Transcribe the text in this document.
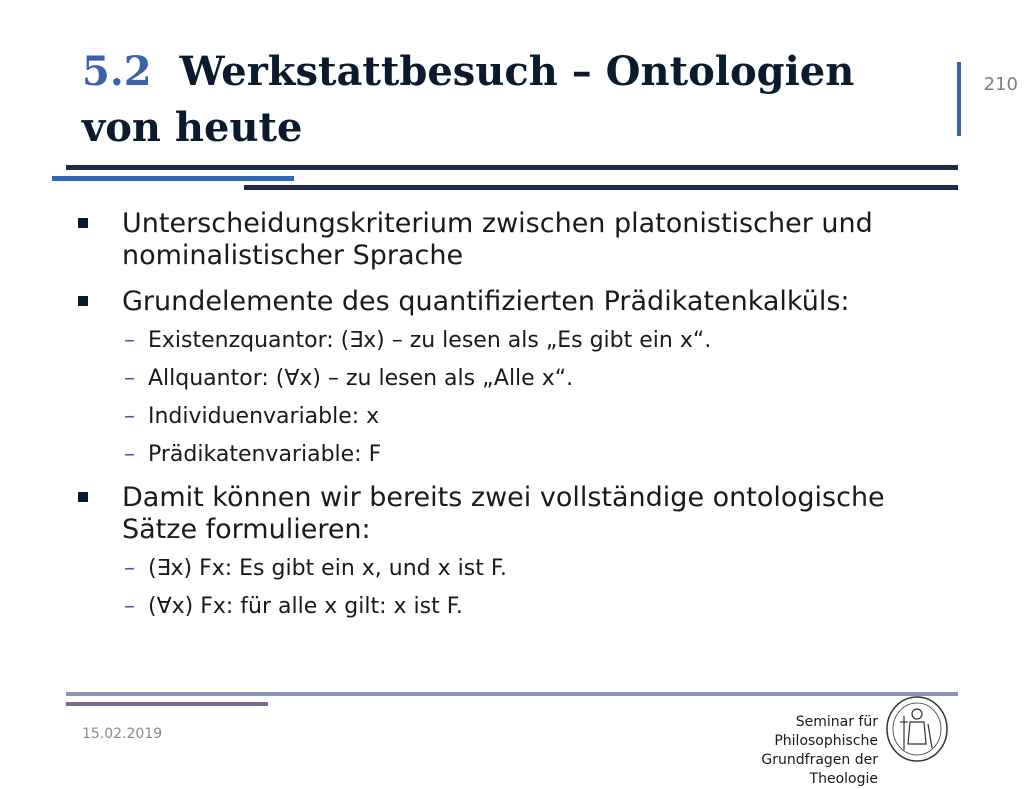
5.2 Werkstattbesuch – Ontologien von heute
210
Unterscheidungskriterium zwischen platonistischer und nominalistischer Sprache
Grundelemente des quantifizierten Prädikatenkalküls:
– Existenzquantor: (∃x) – zu lesen als „Es gibt ein x“.
– Allquantor: (∀x) – zu lesen als „Alle x“.
– Individuenvariable: x
– Prädikatenvariable: F
Damit können wir bereits zwei vollständige ontologische Sätze formulieren:
– (∃x) Fx: Es gibt ein x, und x ist F.
– (∀x) Fx: für alle x gilt: x ist F.
15.02.2019
Seminar für Philosophische
Grundfragen der Theologie
